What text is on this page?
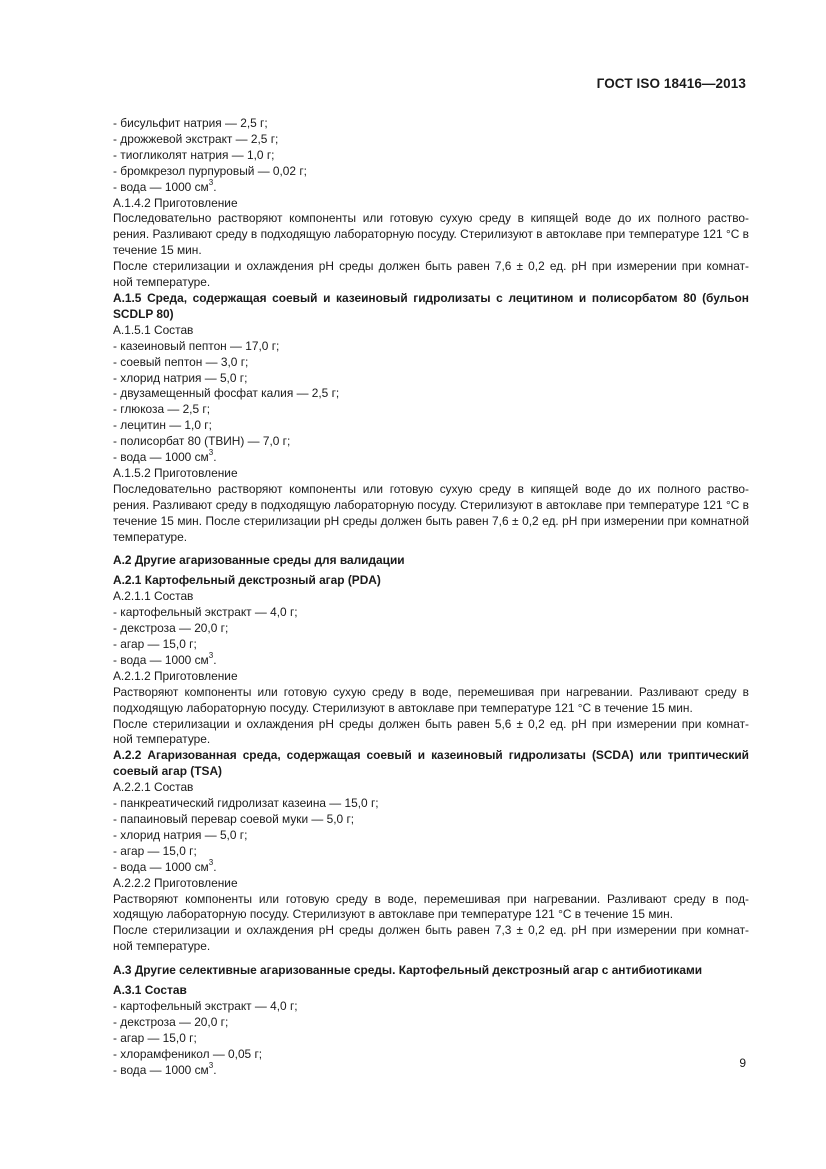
ГОСТ ISO 18416—2013
- бисульфит натрия — 2,5 г;
- дрожжевой экстракт — 2,5 г;
- тиогликолят натрия — 1,0 г;
- бромкрезол пурпуровый — 0,02 г;
- вода — 1000 $см^3$.
А.1.4.2 Приготовление
Последовательно растворяют компоненты или готовую сухую среду в кипящей воде до их полного раство-
рения. Разливают среду в подходящую лабораторную посуду. Стерилизуют в автоклаве при температуре 121 °С в
течение 15 мин.
После стерилизации и охлаждения рН среды должен быть равен 7,6 ± 0,2 ед. рН при измерении при комнат-
ной температуре.
А.1.5 Среда, содержащая соевый и казеиновый гидролизаты с лецитином и полисорбатом 80 (бульон
SCDLP 80)
А.1.5.1 Состав
- казеиновый пептон — 17,0 г;
- соевый пептон — 3,0 г;
- хлорид натрия — 5,0 г;
- двузамещенный фосфат калия — 2,5 г;
- глюкоза — 2,5 г;
- лецитин — 1,0 г;
- полисорбат 80 (ТВИН) — 7,0 г;
- вода — 1000 $см^3$.
А.1.5.2 Приготовление
Последовательно растворяют компоненты или готовую сухую среду в кипящей воде до их полного раство-
рения. Разливают среду в подходящую лабораторную посуду. Стерилизуют в автоклаве при температуре 121 °С в
течение 15 мин. После стерилизации рН среды должен быть равен 7,6 ± 0,2 ед. рН при измерении при комнатной
температуре.
А.2 Другие агаризованные среды для валидации
А.2.1 Картофельный декстрозный агар (PDA)
А.2.1.1 Состав
- картофельный экстракт — 4,0 г;
- декстроза — 20,0 г;
- агар — 15,0 г;
- вода — 1000 $см^3$.
А.2.1.2 Приготовление
Растворяют компоненты или готовую сухую среду в воде, перемешивая при нагревании. Разливают среду в
подходящую лабораторную посуду. Стерилизуют в автоклаве при температуре 121 °С в течение 15 мин.
После стерилизации и охлаждения рН среды должен быть равен 5,6 ± 0,2 ед. рН при измерении при комнат-
ной температуре.
А.2.2 Агаризованная среда, содержащая соевый и казеиновый гидролизаты (SCDA) или триптический
соевый агар (TSA)
А.2.2.1 Состав
- панкреатический гидролизат казеина — 15,0 г;
- папаиновый перевар соевой муки — 5,0 г;
- хлорид натрия — 5,0 г;
- агар — 15,0 г;
- вода — 1000 $см^3$.
А.2.2.2 Приготовление
Растворяют компоненты или готовую среду в воде, перемешивая при нагревании. Разливают среду в под-
ходящую лабораторную посуду. Стерилизуют в автоклаве при температуре 121 °С в течение 15 мин.
После стерилизации и охлаждения рН среды должен быть равен 7,3 ± 0,2 ед. рН при измерении при комнат-
ной температуре.
А.3 Другие селективные агаризованные среды. Картофельный декстрозный агар с антибиотиками
А.3.1 Состав
- картофельный экстракт — 4,0 г;
- декстроза — 20,0 г;
- агар — 15,0 г;
- хлорамфеникол — 0,05 г;
- вода — 1000 $см^3$.	9
